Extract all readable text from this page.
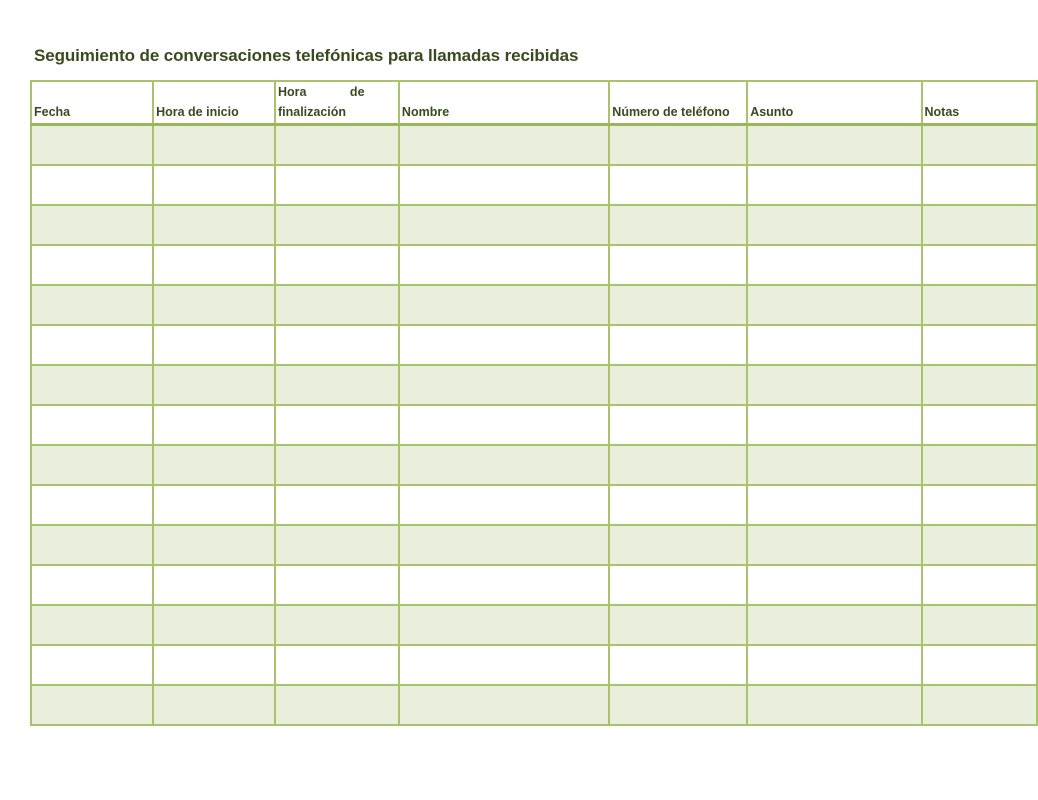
Seguimiento de conversaciones telefónicas para llamadas recibidas
Fecha	Hora de inicio	Hora de finalización	Nombre	Número de teléfono	Asunto	Notas
